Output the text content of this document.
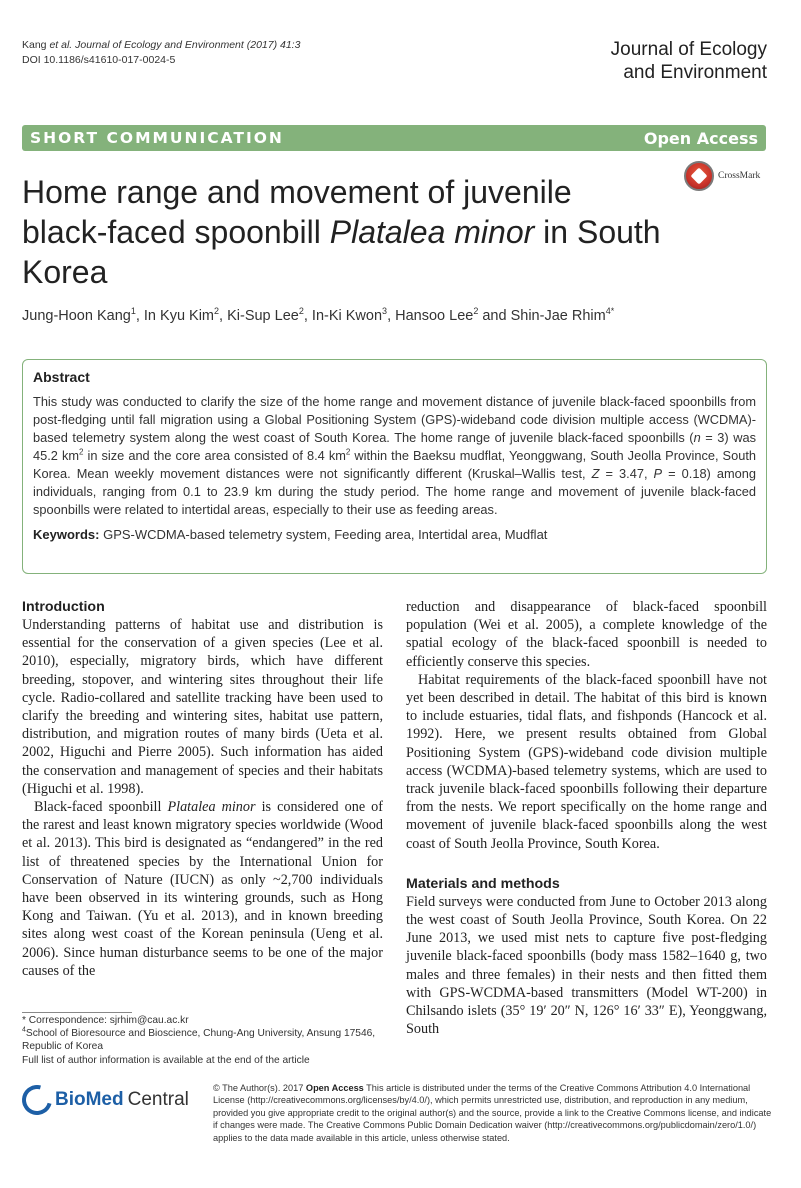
Kang et al. Journal of Ecology and Environment (2017) 41:3
DOI 10.1186/s41610-017-0024-5	Journal of Ecology
and Environment
SHORT COMMUNICATION	Open Access
CrossMark
Home range and movement of juvenile black-faced spoonbill Platalea minor in South Korea
Jung-Hoon Kang$^1$, In Kyu Kim$^2$, Ki-Sup Lee$^2$, In-Ki Kwon$^3$, Hansoo Lee$^2$ and Shin-Jae Rhim$^{4*}$
Abstract
This study was conducted to clarify the size of the home range and movement distance of juvenile black-faced spoonbills from post-fledging until fall migration using a Global Positioning System (GPS)-wideband code division multiple access (WCDMA)-based telemetry system along the west coast of South Korea. The home range of juvenile black-faced spoonbills (n = 3) was 45.2 $km^2$ in size and the core area consisted of 8.4 $km^2$ within the Baeksu mudflat, Yeonggwang, South Jeolla Province, South Korea. Mean weekly movement distances were not significantly different (Kruskal–Wallis test, Z = 3.47, P = 0.18) among individuals, ranging from 0.1 to 23.9 km during the study period. The home range and movement of juvenile black-faced spoonbills were related to intertidal areas, especially to their use as feeding areas.
Keywords: GPS-WCDMA-based telemetry system, Feeding area, Intertidal area, Mudflat

Introduction

Understanding patterns of habitat use and distribution is essential for the conservation of a given species (Lee et al. 2010), especially, migratory birds, which have different breeding, stopover, and wintering sites throughout their life cycle. Radio-collared and satellite tracking have been used to clarify the breeding and wintering sites, habitat use pattern, distribution, and migration routes of many birds (Ueta et al. 2002, Higuchi and Pierre 2005). Such information has aided the conservation and management of species and their habitats (Higuchi et al. 1998).

Black-faced spoonbill Platalea minor is considered one of the rarest and least known migratory species worldwide (Wood et al. 2013). This bird is designated as “endangered” in the red list of threatened species by the International Union for Conservation of Nature (IUCN) as only ~2,700 individuals have been observed in its wintering grounds, such as Hong Kong and Taiwan. (Yu et al. 2013), and in known breeding sites along west coast of the Korean peninsula (Ueng et al. 2006). Since human disturbance seems to be one of the major causes of the

reduction and disappearance of black-faced spoonbill population (Wei et al. 2005), a complete knowledge of the spatial ecology of the black-faced spoonbill is needed to efficiently conserve this species.

Habitat requirements of the black-faced spoonbill have not yet been described in detail. The habitat of this bird is known to include estuaries, tidal flats, and fishponds (Hancock et al. 1992). Here, we present results obtained from Global Positioning System (GPS)-wideband code division multiple access (WCDMA)-based telemetry systems, which are used to track juvenile black-faced spoonbills following their departure from the nests. We report specifically on the home range and movement of juvenile black-faced spoonbills along the west coast of South Jeolla Province, South Korea.

Materials and methods

Field surveys were conducted from June to October 2013 along the west coast of South Jeolla Province, South Korea. On 22 June 2013, we used mist nets to capture five post-fledging juvenile black-faced spoonbills (body mass 1582–1640 g, two males and three females) in their nests and then fitted them with GPS-WCDMA-based transmitters (Model WT-200) in Chilsando islets (35° 19′ 20″ N, 126° 16′ 33″ E), Yeonggwang, South

* Correspondence: sjrhim@cau.ac.kr
$^4$School of Bioresource and Bioscience, Chung-Ang University, Ansung 17546, Republic of Korea
Full list of author information is available at the end of the article
BioMed Central
© The Author(s). 2017 Open Access This article is distributed under the terms of the Creative Commons Attribution 4.0 International License (http://creativecommons.org/licenses/by/4.0/), which permits unrestricted use, distribution, and reproduction in any medium, provided you give appropriate credit to the original author(s) and the source, provide a link to the Creative Commons license, and indicate if changes were made. The Creative Commons Public Domain Dedication waiver (http://creativecommons.org/publicdomain/zero/1.0/) applies to the data made available in this article, unless otherwise stated.
